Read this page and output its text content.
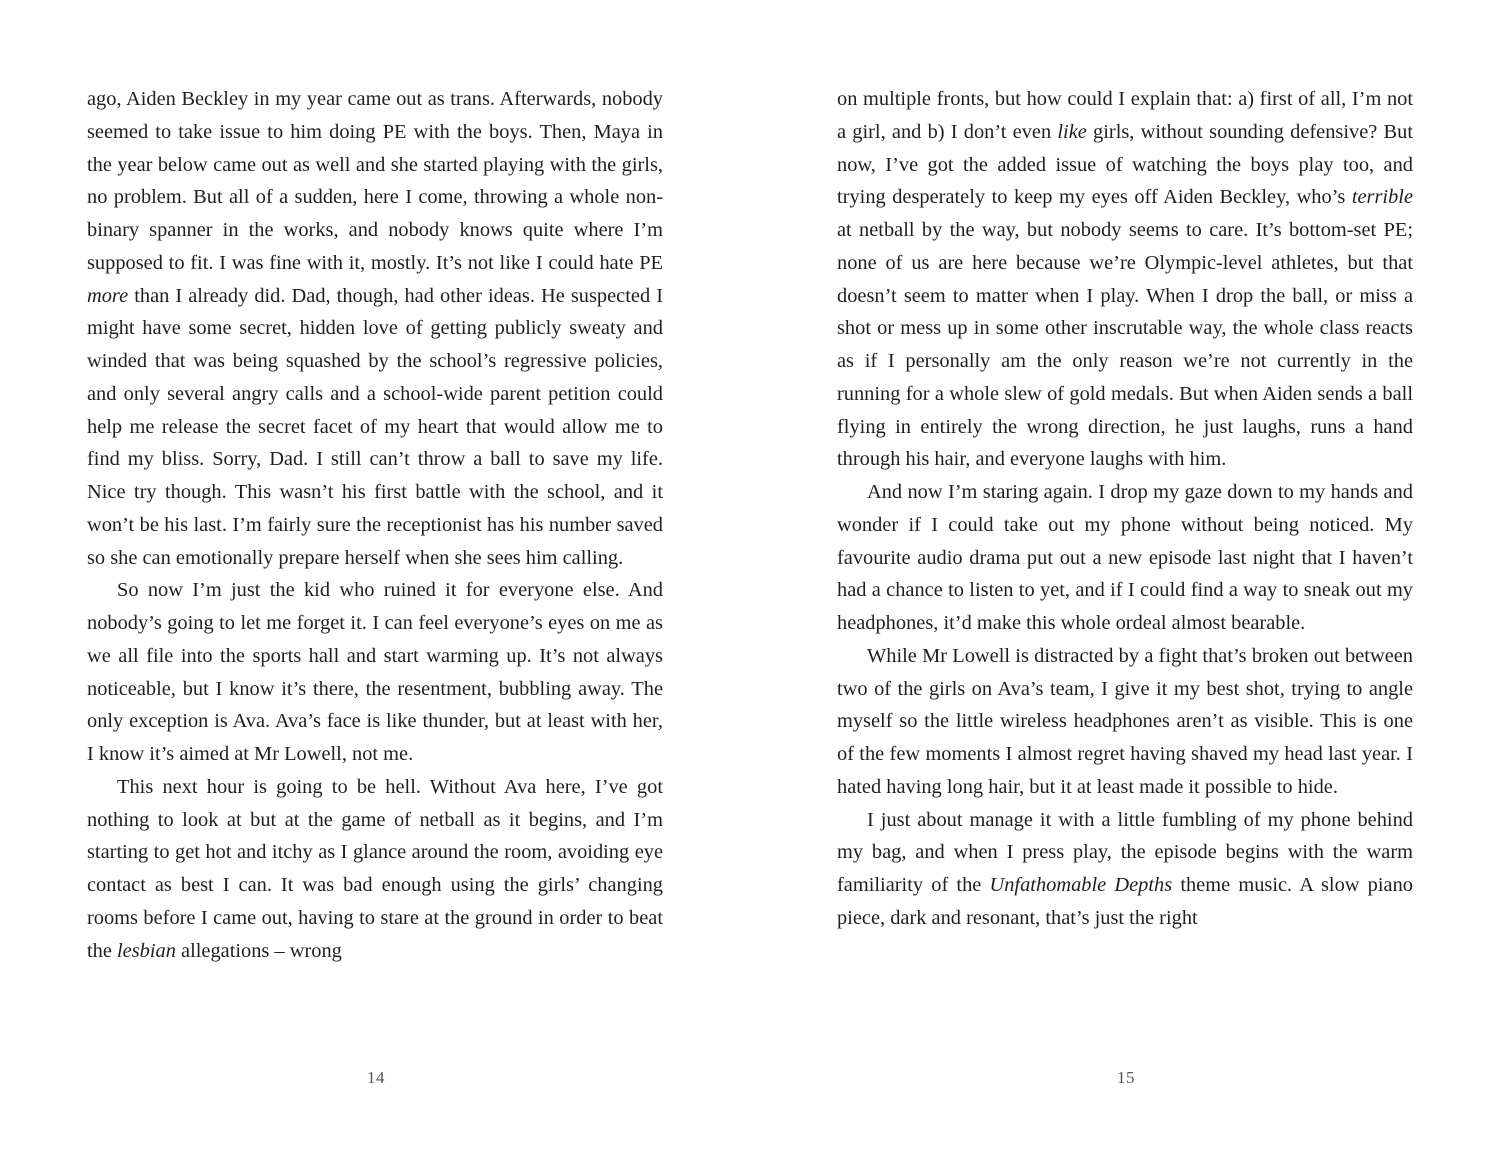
ago, Aiden Beckley in my year came out as trans. Afterwards, nobody seemed to take issue to him doing PE with the boys. Then, Maya in the year below came out as well and she started playing with the girls, no problem. But all of a sudden, here I come, throwing a whole non-binary spanner in the works, and nobody knows quite where I’m supposed to fit. I was fine with it, mostly. It’s not like I could hate PE more than I already did. Dad, though, had other ideas. He suspected I might have some secret, hidden love of getting publicly sweaty and winded that was being squashed by the school’s regressive policies, and only several angry calls and a school-wide parent petition could help me release the secret facet of my heart that would allow me to find my bliss. Sorry, Dad. I still can’t throw a ball to save my life. Nice try though. This wasn’t his first battle with the school, and it won’t be his last. I’m fairly sure the receptionist has his number saved so she can emotionally prepare herself when she sees him calling.

So now I’m just the kid who ruined it for everyone else. And nobody’s going to let me forget it. I can feel everyone’s eyes on me as we all file into the sports hall and start warming up. It’s not always noticeable, but I know it’s there, the resentment, bubbling away. The only exception is Ava. Ava’s face is like thunder, but at least with her, I know it’s aimed at Mr Lowell, not me.

This next hour is going to be hell. Without Ava here, I’ve got nothing to look at but at the game of netball as it begins, and I’m starting to get hot and itchy as I glance around the room, avoiding eye contact as best I can. It was bad enough using the girls’ changing rooms before I came out, having to stare at the ground in order to beat the lesbian allegations – wrong

14

on multiple fronts, but how could I explain that: a) first of all, I’m not a girl, and b) I don’t even like girls, without sounding defensive? But now, I’ve got the added issue of watching the boys play too, and trying desperately to keep my eyes off Aiden Beckley, who’s terrible at netball by the way, but nobody seems to care. It’s bottom-set PE; none of us are here because we’re Olympic-level athletes, but that doesn’t seem to matter when I play. When I drop the ball, or miss a shot or mess up in some other inscrutable way, the whole class reacts as if I personally am the only reason we’re not currently in the running for a whole slew of gold medals. But when Aiden sends a ball flying in entirely the wrong direction, he just laughs, runs a hand through his hair, and everyone laughs with him.

And now I’m staring again. I drop my gaze down to my hands and wonder if I could take out my phone without being noticed. My favourite audio drama put out a new episode last night that I haven’t had a chance to listen to yet, and if I could find a way to sneak out my headphones, it’d make this whole ordeal almost bearable.

While Mr Lowell is distracted by a fight that’s broken out between two of the girls on Ava’s team, I give it my best shot, trying to angle myself so the little wireless headphones aren’t as visible. This is one of the few moments I almost regret having shaved my head last year. I hated having long hair, but it at least made it possible to hide.

I just about manage it with a little fumbling of my phone behind my bag, and when I press play, the episode begins with the warm familiarity of the Unfathomable Depths theme music. A slow piano piece, dark and resonant, that’s just the right

15
